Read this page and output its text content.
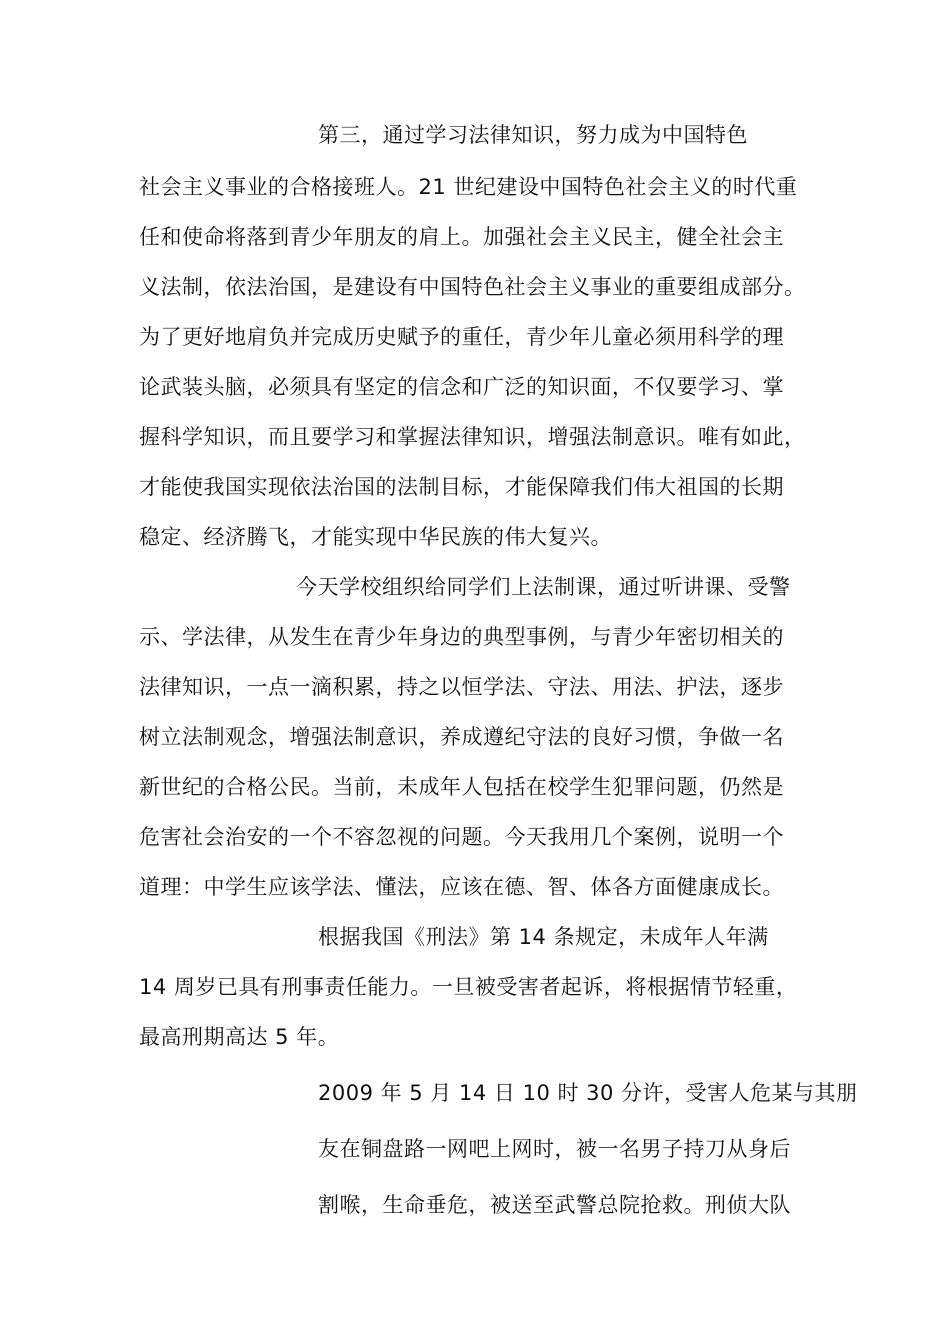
第三，通过学习法律知识，努力成为中国特色
社会主义事业的合格接班人。21 世纪建设中国特色社会主义的时代重
任和使命将落到青少年朋友的肩上。加强社会主义民主，健全社会主
义法制，依法治国，是建设有中国特色社会主义事业的重要组成部分。
为了更好地肩负并完成历史赋予的重任，青少年儿童必须用科学的理
论武装头脑，必须具有坚定的信念和广泛的知识面，不仅要学习、掌
握科学知识，而且要学习和掌握法律知识，增强法制意识。唯有如此，
才能使我国实现依法治国的法制目标，才能保障我们伟大祖国的长期
稳定、经济腾飞，才能实现中华民族的伟大复兴。
今天学校组织给同学们上法制课，通过听讲课、受警
示、学法律，从发生在青少年身边的典型事例，与青少年密切相关的
法律知识，一点一滴积累，持之以恒学法、守法、用法、护法，逐步
树立法制观念，增强法制意识，养成遵纪守法的良好习惯，争做一名
新世纪的合格公民。当前，未成年人包括在校学生犯罪问题，仍然是
危害社会治安的一个不容忽视的问题。今天我用几个案例，说明一个
道理：中学生应该学法、懂法，应该在德、智、体各方面健康成长。
根据我国《刑法》第 14 条规定，未成年人年满
14 周岁已具有刑事责任能力。一旦被受害者起诉，将根据情节轻重，
最高刑期高达 5 年。
2009 年 5 月 14 日 10 时 30 分许，受害人危某与其朋
友在铜盘路一网吧上网时，被一名男子持刀从身后
割喉，生命垂危，被送至武警总院抢救。刑侦大队
